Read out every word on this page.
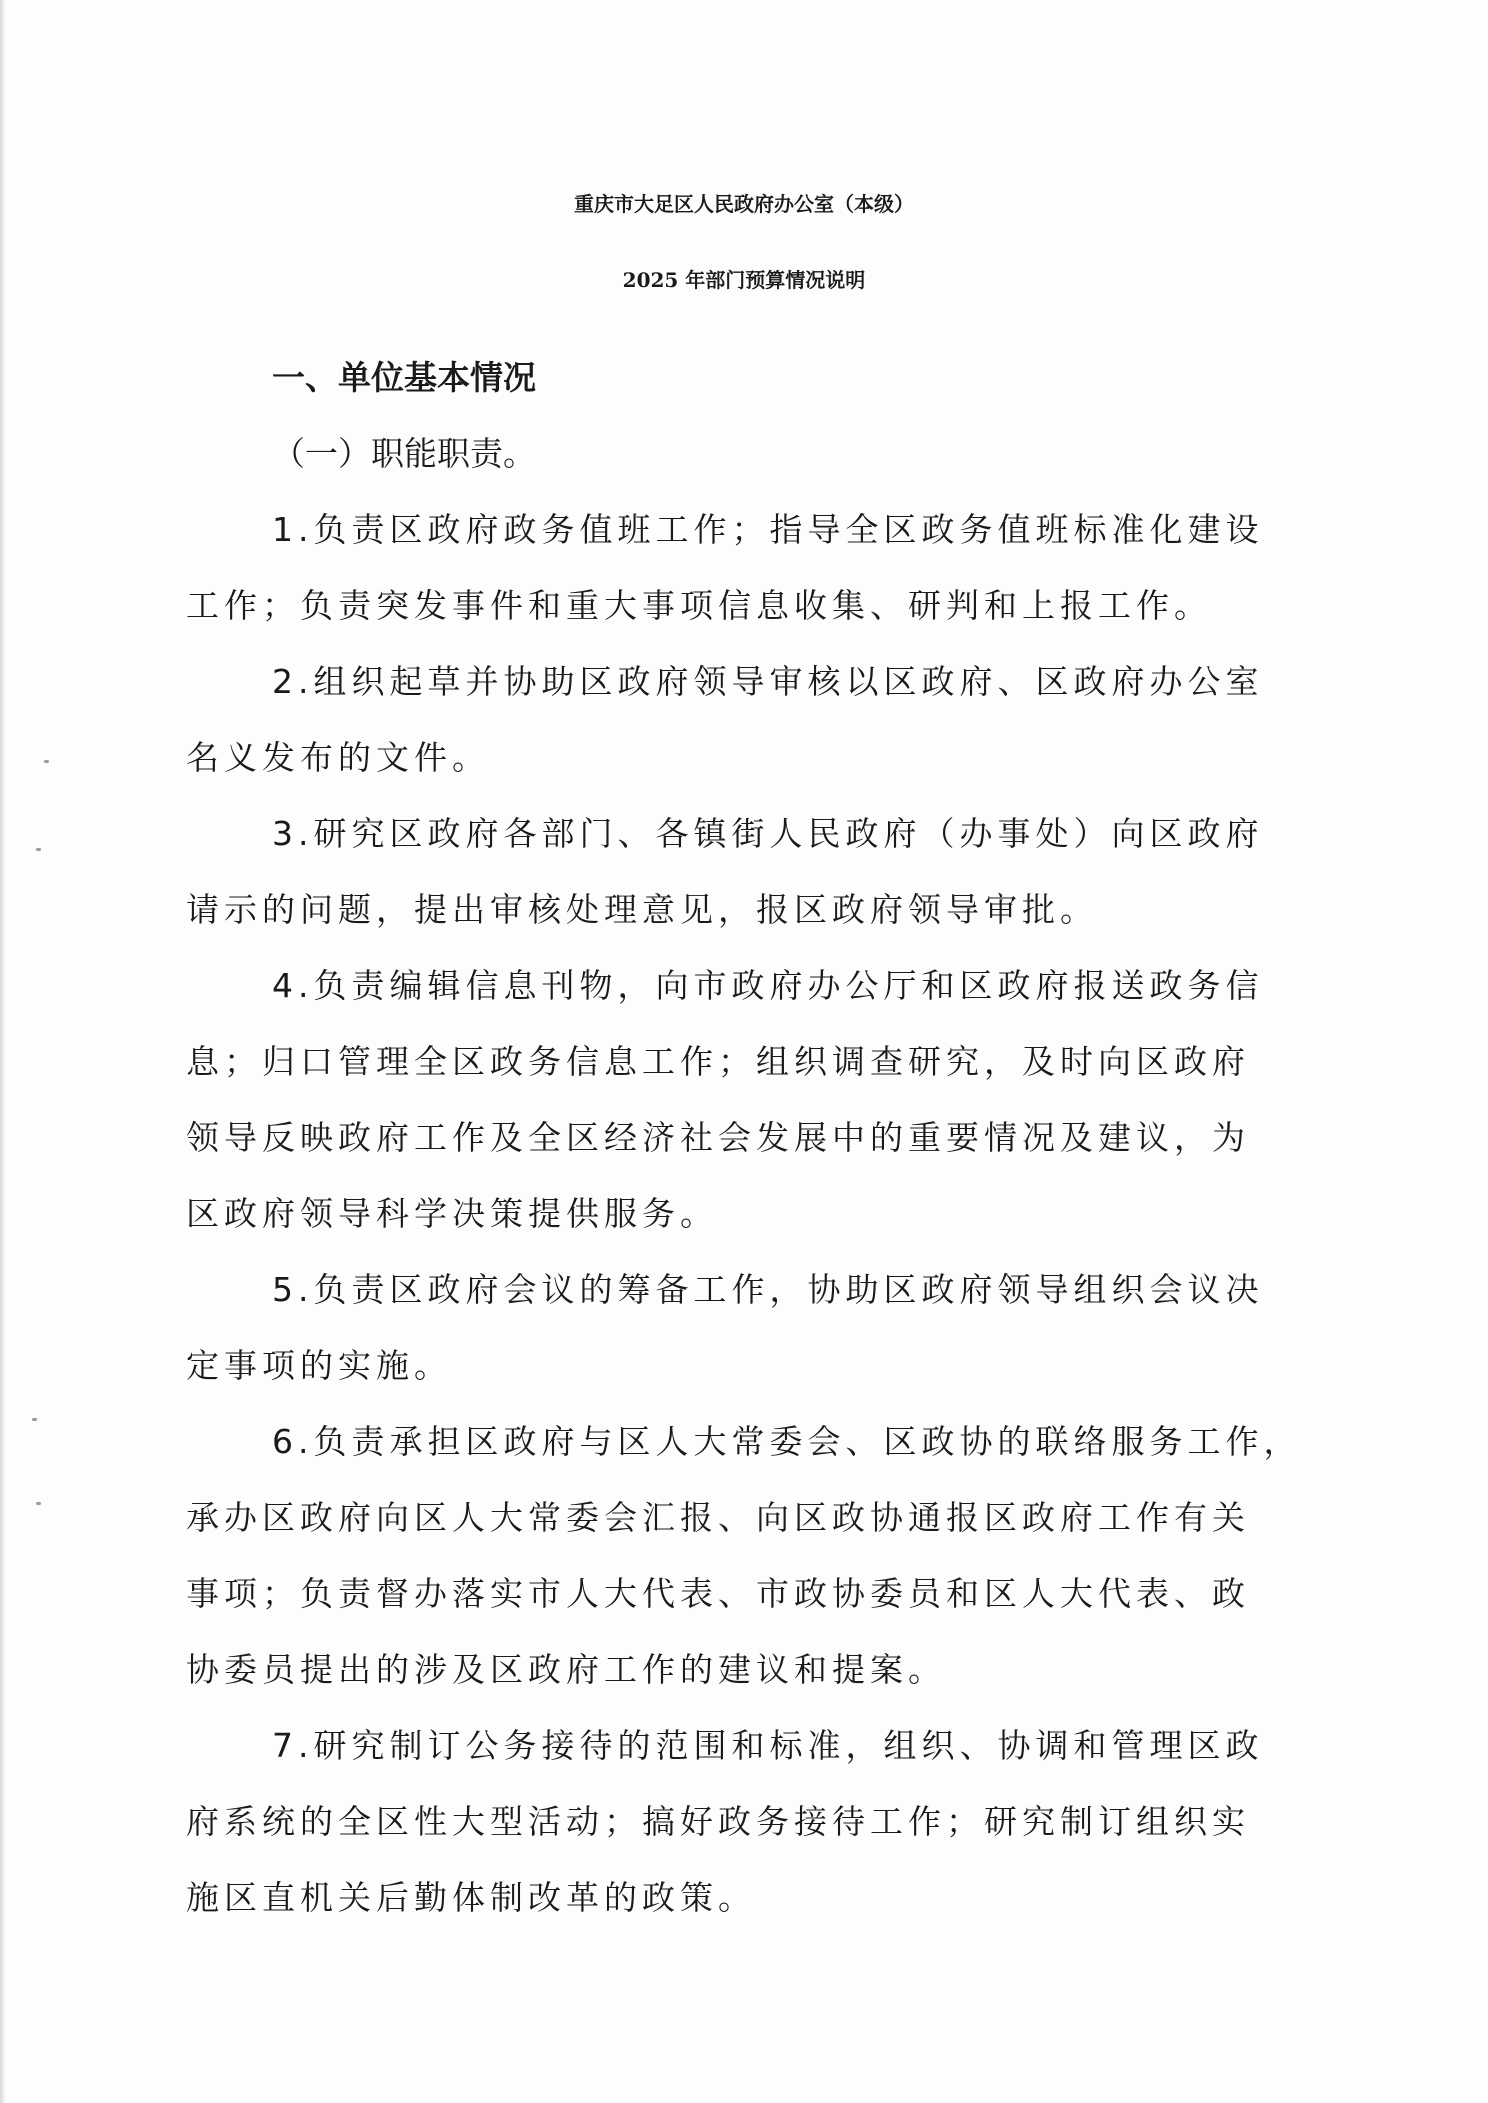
重庆市大足区人民政府办公室（本级）
2025 年部门预算情况说明
一、单位基本情况
（一）职能职责。
1.负责区政府政务值班工作；指导全区政务值班标准化建设
工作；负责突发事件和重大事项信息收集、研判和上报工作。
2.组织起草并协助区政府领导审核以区政府、区政府办公室
名义发布的文件。
3.研究区政府各部门、各镇街人民政府（办事处）向区政府
请示的问题，提出审核处理意见，报区政府领导审批。
4.负责编辑信息刊物，向市政府办公厅和区政府报送政务信
息；归口管理全区政务信息工作；组织调查研究，及时向区政府
领导反映政府工作及全区经济社会发展中的重要情况及建议，为
区政府领导科学决策提供服务。
5.负责区政府会议的筹备工作，协助区政府领导组织会议决
定事项的实施。
6.负责承担区政府与区人大常委会、区政协的联络服务工作，
承办区政府向区人大常委会汇报、向区政协通报区政府工作有关
事项；负责督办落实市人大代表、市政协委员和区人大代表、政
协委员提出的涉及区政府工作的建议和提案。
7.研究制订公务接待的范围和标准，组织、协调和管理区政
府系统的全区性大型活动；搞好政务接待工作；研究制订组织实
施区直机关后勤体制改革的政策。
